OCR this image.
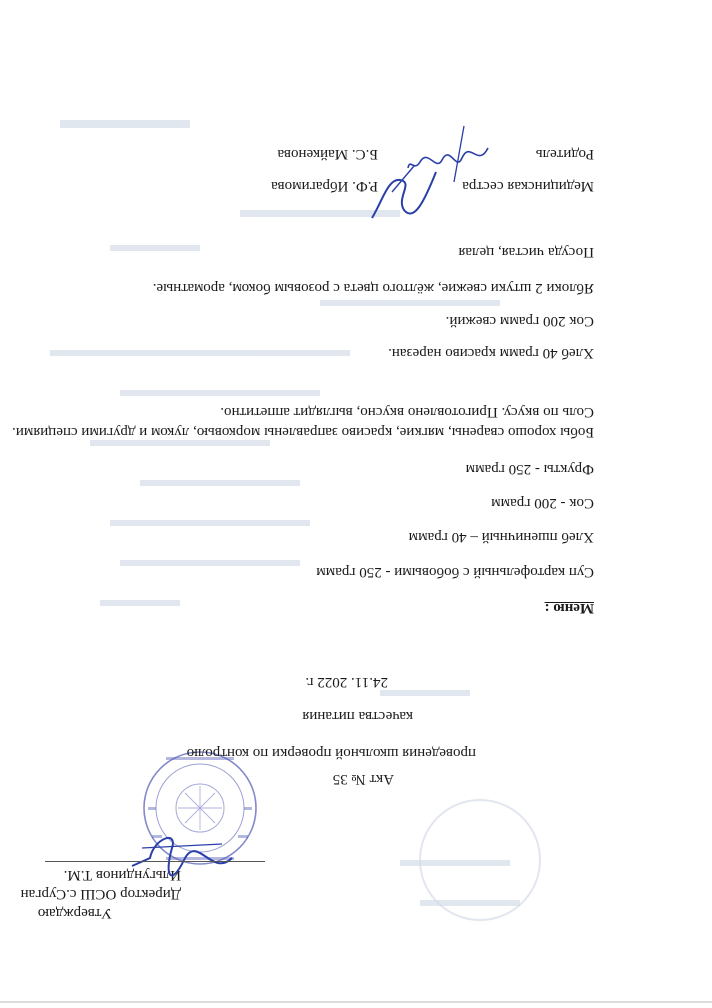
Утверждаю
Директор ОСШ с.Сурган
Ильгундинов Т.М.
Акт № 35
проведения школьной проверки по контролю
качества питания
24.11. 2022 г.
Меню :
Суп картофельный с бобовыми - 250 грамм
Хлеб пшеничный – 40 грамм
Сок - 200 грамм
Фрукты - 250 грамм
Бобы хорошо сварены, мягкие, красиво заправлены морковью, луком и другими специями. Соль по вкусу. Приготовлено вкусно, выглядит аппетитно.
Хлеб 40 грамм красиво нарезан.
Сок 200 грамм свежий.
Яблоки 2 штуки свежие, жёлтого цвета с розовым боком, ароматные.
Посуда чистая, целая
Медицинская сестра
Р.Ф. Ибрагимова
Родитель
Б.С. Майкенова
